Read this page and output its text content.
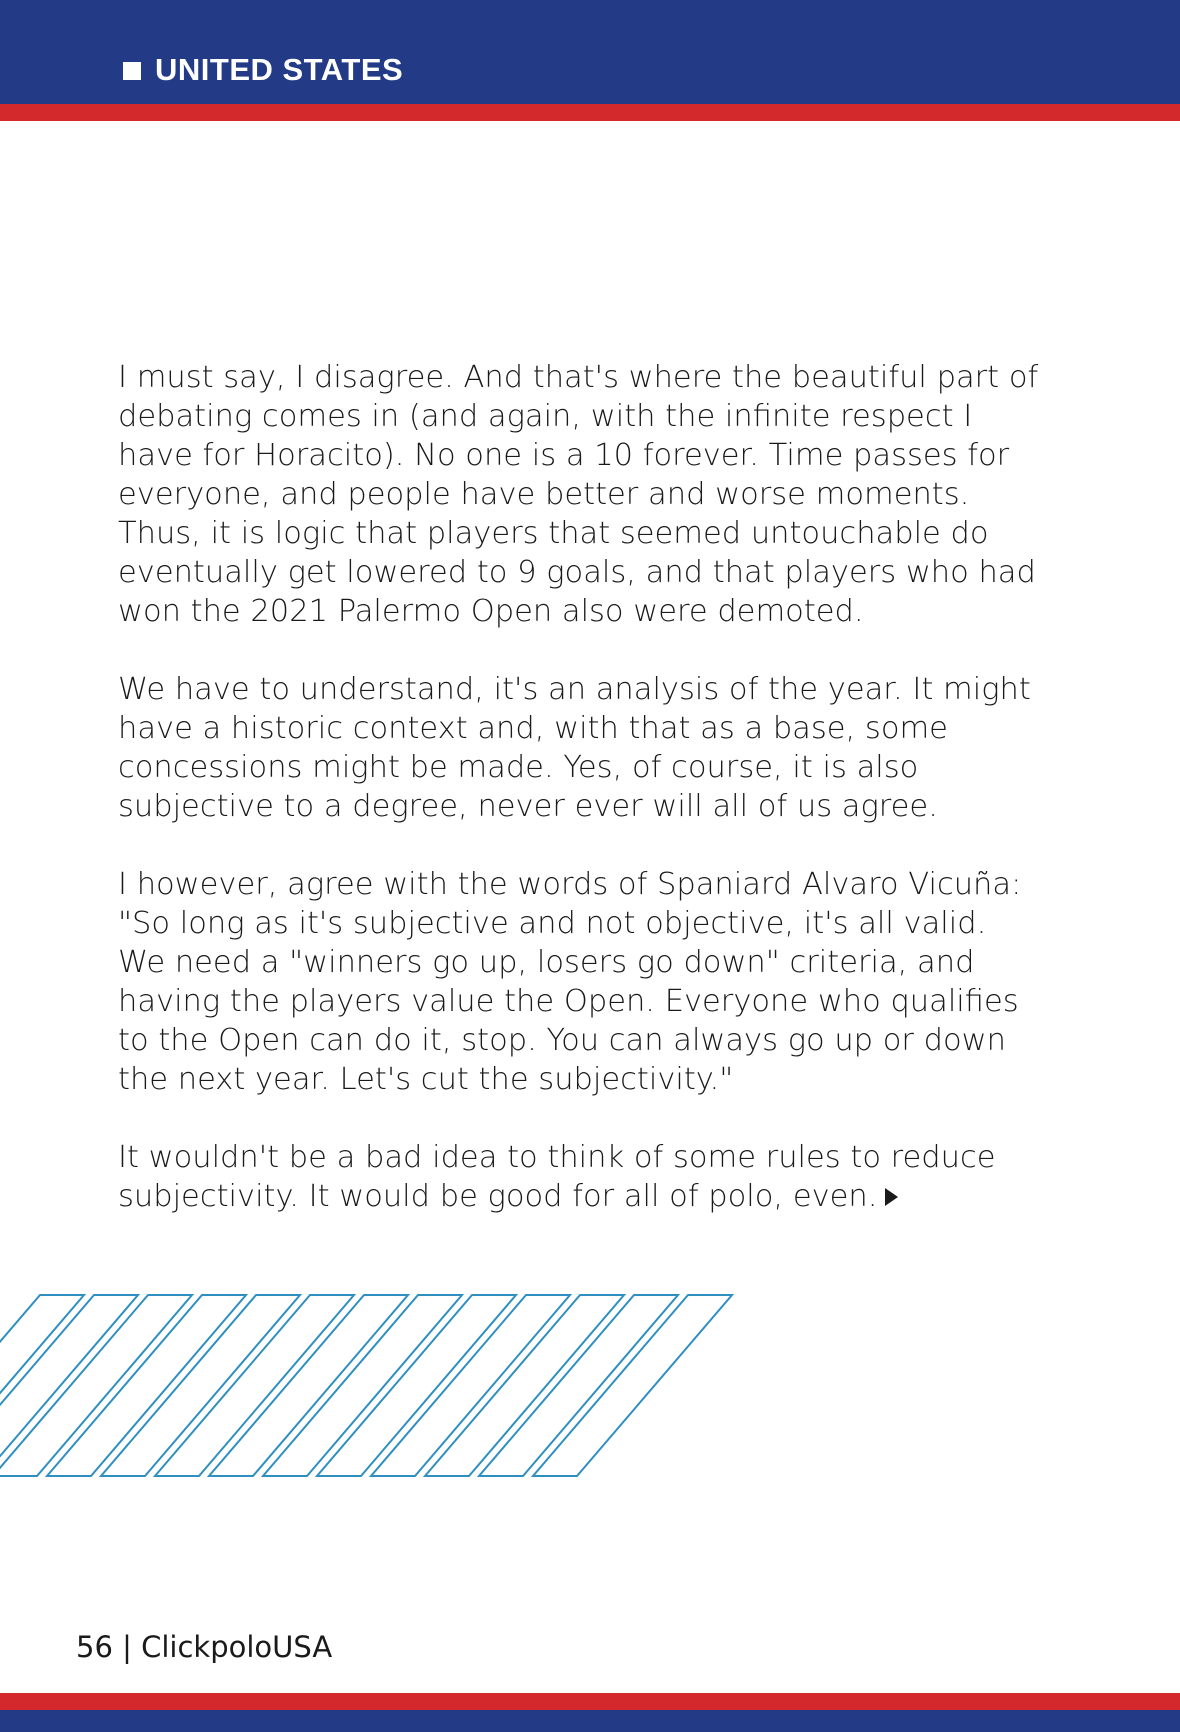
UNITED STATES

I must say, I disagree. And that's where the beautiful part of
debating comes in (and again, with the infinite respect I
have for Horacito). No one is a 10 forever. Time passes for
everyone, and people have better and worse moments.
Thus, it is logic that players that seemed untouchable do
eventually get lowered to 9 goals, and that players who had
won the 2021 Palermo Open also were demoted.

We have to understand, it's an analysis of the year. It might
have a historic context and, with that as a base, some
concessions might be made. Yes, of course, it is also
subjective to a degree, never ever will all of us agree.

I however, agree with the words of Spaniard Alvaro Vicuña:
"So long as it's subjective and not objective, it's all valid.
We need a "winners go up, losers go down" criteria, and
having the players value the Open. Everyone who qualifies
to the Open can do it, stop. You can always go up or down
the next year. Let's cut the subjectivity."

It wouldn't be a bad idea to think of some rules to reduce
subjectivity. It would be good for all of polo, even.

56 | ClickpoloUSA
